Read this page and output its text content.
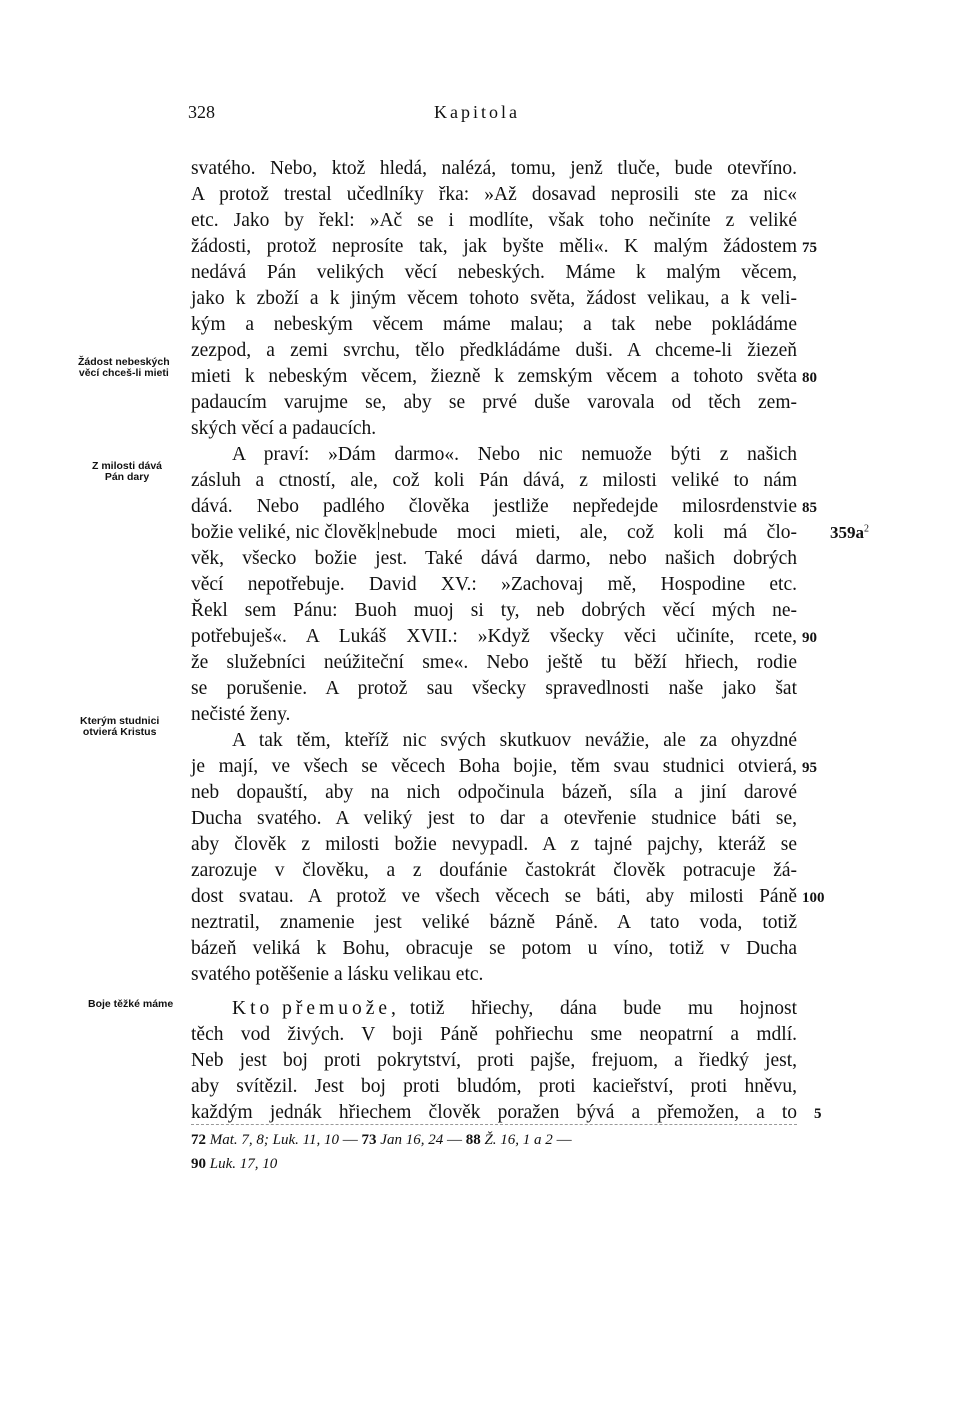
328	Kapitola
Žádost nebeských
věcí chceš-li mieti
Z milosti dává
Pán dary
Kterým studnici
otvierá Kristus
Boje těžké máme
svatého. Nebo, ktož hledá, nalézá, tomu, jenž tluče, bude otevříno.
A protož trestal učedlníky řka: »Až dosavad neprosili ste za nic«
etc. Jako by řekl: »Ač se i modlíte, však toho nečiníte z veliké
žádosti, protož neprosíte tak, jak byšte měli«. K malým žádostem
nedává Pán velikých věcí nebeských. Máme k malým věcem,
jako k zboží a k jiným věcem tohoto světa, žádost velikau, a k veli-
kým a nebeským věcem máme malau; a tak nebe pokládáme
zezpod, a zemi svrchu, tělo předkládáme duši. A chceme-li žiezeň
mieti k nebeským věcem, žiezně k zemským věcem a tohoto světa
padaucím varujme se, aby se prvé duše varovala od těch zem-
ských věcí a padaucích.
A praví: »Dám darmo«. Nebo nic nemuože býti z našich
zásluh a ctností, ale, což koli Pán dává, z milosti veliké to nám
dává. Nebo padlého člověka jestliže nepředejde milosrdenstvie
božie veliké, nic člověk nebude moci mieti, ale, což koli má člo-
věk, všecko božie jest. Také dává darmo, nebo našich dobrých
věcí nepotřebuje. David XV.: »Zachovaj mě, Hospodine etc.
Řekl sem Pánu: Buoh muoj si ty, neb dobrých věcí mých ne-
potřebuješ«. A Lukáš XVII.: »Když všecky věci učiníte, rcete,
že služebníci neúžiteční sme«. Nebo ještě tu běží hřiech, rodie
se porušenie. A protož sau všecky spravedlnosti naše jako šat
nečisté ženy.
A tak těm, kteříž nic svých skutkuov nevážie, ale za ohyzdné
je mají, ve všech se věcech Boha bojie, těm svau studnici otvierá,
neb dopauští, aby na nich odpočinula bázeň, síla a jiní darové
Ducha svatého. A veliký jest to dar a otevřenie studnice báti se,
aby člověk z milosti božie nevypadl. A z tajné pajchy, kteráž se
zarozuje v člověku, a z doufánie častokrát člověk potracuje žá-
dost svatau. A protož ve všech věcech se báti, aby milosti Páně
neztratil, znamenie jest veliké bázně Páně. A tato voda, totiž
bázeň veliká k Bohu, obracuje se potom u víno, totiž v Ducha
svatého potěšenie a lásku velikau etc.
Kto přemuože, totiž hřiechy, dána bude mu hojnost
těch vod živých. V boji Páně pohřiechu sme neopatrní a mdlí.
Neb jest boj proti pokrytství, proti pajše, frejuom, a řiedký jest,
aby svítězil. Jest boj proti bludóm, proti kacieřství, proti hněvu,
každým jednák hřiechem člověk poražen bývá a přemožen, a to
75
80
85
90
95
100
5
$359a^2$
72 Mat. 7, 8; Luk. 11, 10 — 73 Jan 16, 24 — 88 Ž. 16, 1 a 2 —
90 Luk. 17, 10
